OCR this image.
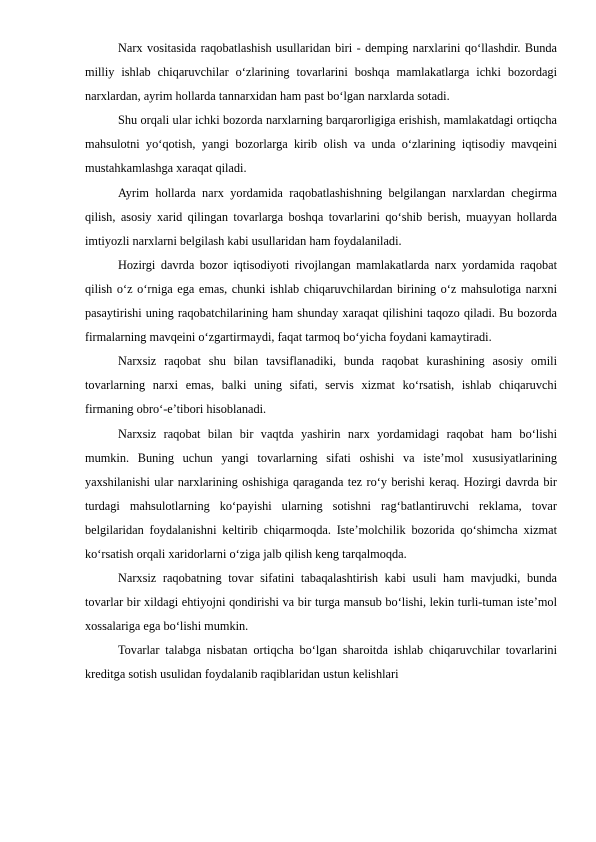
Narx vositasida raqobatlashish usullaridan biri - demping narxlarini qo‘llashdir. Bunda milliy ishlab chiqaruvchilar o‘zlarining tovarlarini boshqa mamlakatlarga ichki bozordagi narxlardan, ayrim hollarda tannarxidan ham past bo‘lgan narxlarda sotadi.

Shu orqali ular ichki bozorda narxlarning barqarorligiga erishish, mamlakatdagi ortiqcha mahsulotni yo‘qotish, yangi bozorlarga kirib olish va unda o‘zlarining iqtisodiy mavqeini mustahkamlashga xaraqat qiladi.

Ayrim hollarda narx yordamida raqobatlashishning belgilangan narxlardan chegirma qilish, asosiy xarid qilingan tovarlarga boshqa tovarlarini qo‘shib berish, muayyan hollarda imtiyozli narxlarni belgilash kabi usullaridan ham foydalaniladi.

Hozirgi davrda bozor iqtisodiyoti rivojlangan mamlakatlarda narx yordamida raqobat qilish o‘z o‘rniga ega emas, chunki ishlab chiqaruvchilardan birining o‘z mahsulotiga narxni pasaytirishi uning raqobatchilarining ham shunday xaraqat qilishini taqozo qiladi. Bu bozorda firmalarning mavqeini o‘zgartirmaydi, faqat tarmoq bo‘yicha foydani kamaytiradi.

Narxsiz raqobat shu bilan tavsiflanadiki, bunda raqobat kurashining asosiy omili tovarlarning narxi emas, balki uning sifati, servis xizmat ko‘rsatish, ishlab chiqaruvchi firmaning obro‘-e’tibori hisoblanadi.

Narxsiz raqobat bilan bir vaqtda yashirin narx yordamidagi raqobat ham bo‘lishi mumkin. Buning uchun yangi tovarlarning sifati oshishi va iste’mol xususiyatlarining yaxshilanishi ular narxlarining oshishiga qaraganda tez ro‘y berishi keraq. Hozirgi davrda bir turdagi mahsulotlarning ko‘payishi ularning sotishni rag‘batlantiruvchi reklama, tovar belgilaridan foydalanishni keltirib chiqarmoqda. Iste’molchilik bozorida qo‘shimcha xizmat ko‘rsatish orqali xaridorlarni o‘ziga jalb qilish keng tarqalmoqda.

Narxsiz raqobatning tovar sifatini tabaqalashtirish kabi usuli ham mavjudki, bunda tovarlar bir xildagi ehtiyojni qondirishi va bir turga mansub bo‘lishi, lekin turli-tuman iste’mol xossalariga ega bo‘lishi mumkin.

Tovarlar talabga nisbatan ortiqcha bo‘lgan sharoitda ishlab chiqaruvchilar tovarlarini kreditga sotish usulidan foydalanib raqiblaridan ustun kelishlari
